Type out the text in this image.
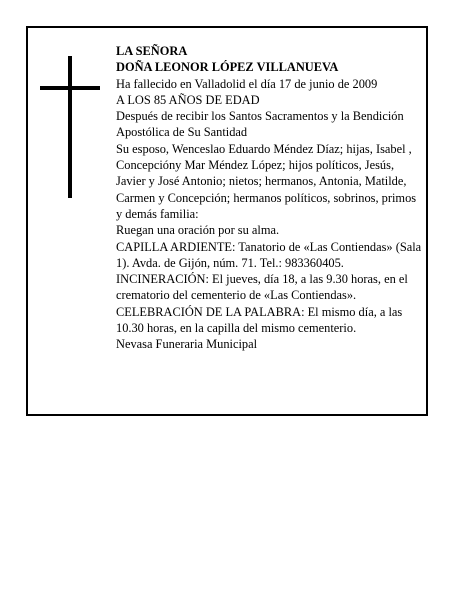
LA SEÑORA

DOÑA LEONOR LÓPEZ VILLANUEVA

Ha fallecido en Valladolid el día 17 de junio de 2009

A LOS 85 AÑOS DE EDAD

Después de recibir los Santos Sacramentos y la Bendición Apostólica de Su Santidad

Su esposo, Wenceslao Eduardo Méndez Díaz; hijas, Isabel , Concepcióny Mar Méndez López; hijos políticos, Jesús, Javier y José Antonio; nietos; hermanos, Antonia, Matilde, Carmen y Concepción; hermanos políticos, sobrinos, primos y demás familia:

Ruegan una oración por su alma.

CAPILLA ARDIENTE: Tanatorio de «Las Contiendas» (Sala 1). Avda. de Gijón, núm. 71. Tel.: 983360405.

INCINERACIÓN: El jueves, día 18, a las 9.30 horas, en el crematorio del cementerio de «Las Contiendas».

CELEBRACIÓN DE LA PALABRA: El mismo día, a las 10.30 horas, en la capilla del mismo cementerio.

Nevasa Funeraria Municipal
